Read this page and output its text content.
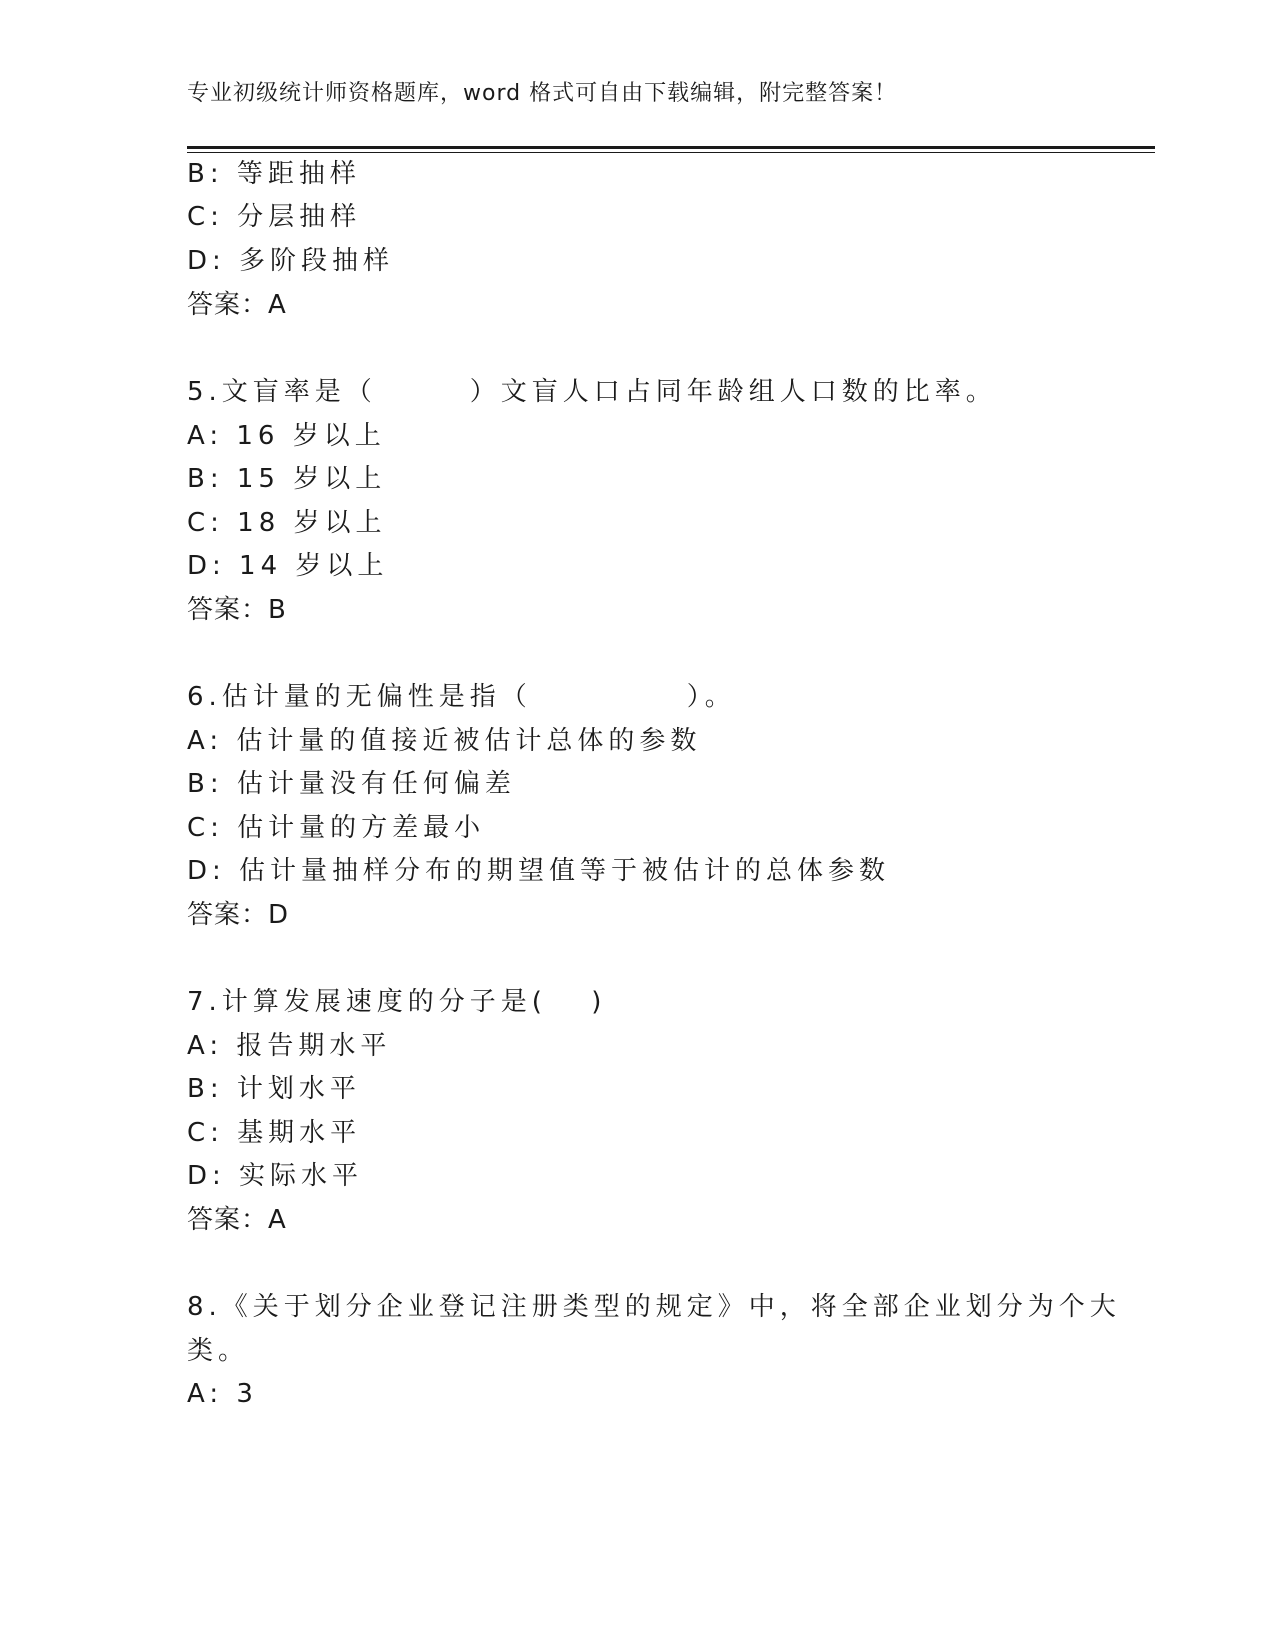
专业初级统计师资格题库，word 格式可自由下载编辑，附完整答案！
B: 等距抽样
C: 分层抽样
D: 多阶段抽样
答案：A
5.文盲率是（　　　）文盲人口占同年龄组人口数的比率。
A: 16 岁以上
B: 15 岁以上
C: 18 岁以上
D: 14 岁以上
答案：B
6.估计量的无偏性是指（　　　　　）。
A: 估计量的值接近被估计总体的参数
B: 估计量没有任何偏差
C: 估计量的方差最小
D: 估计量抽样分布的期望值等于被估计的总体参数
答案：D
7.计算发展速度的分子是(　 )
A: 报告期水平
B: 计划水平
C: 基期水平
D: 实际水平
答案：A
8.《关于划分企业登记注册类型的规定》中，将全部企业划分为个大
类。
A: 3
